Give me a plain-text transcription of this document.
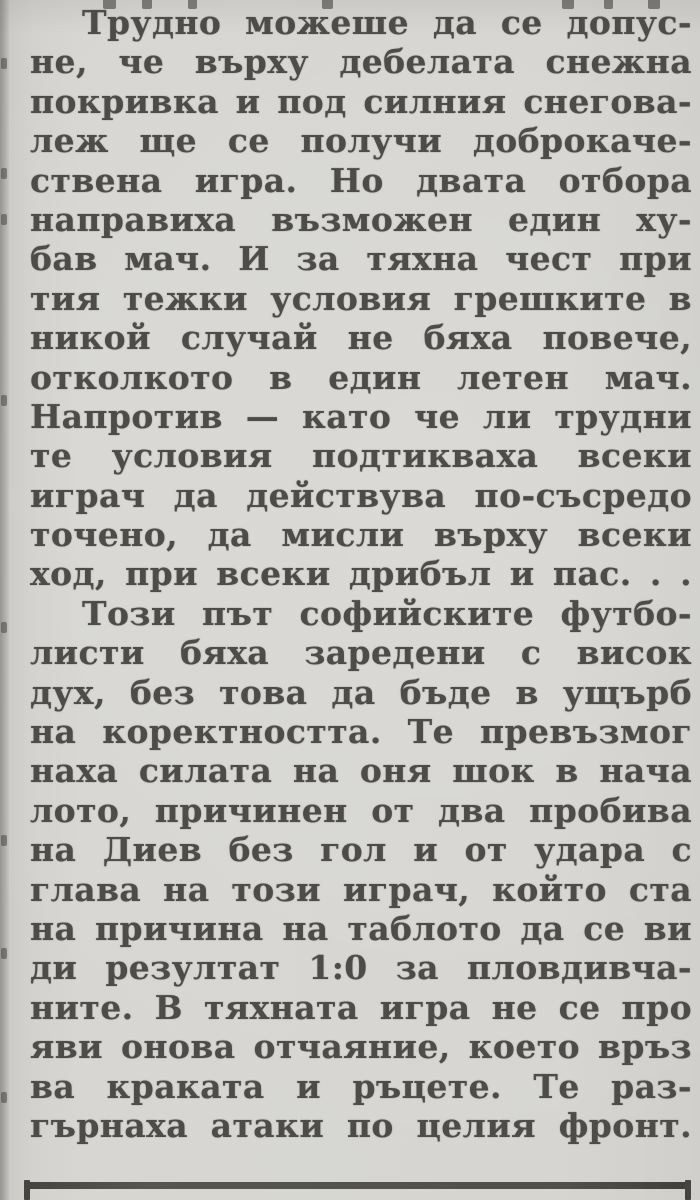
Трудно можеше да се допус-
не, че върху дебелата снежна
покривка и под силния снегова-
леж ще се получи доброкаче-
ствена игра. Но двата отбора
направиха възможен един ху-
бав мач. И за тяхна чест при
тия тежки условия грешките в
никой случай не бяха повече,
отколкото в един летен мач.
Напротив — като че ли трудни
те условия подтикваха всеки
играч да действува по-съсредо
точено, да мисли върху всеки
ход, при всеки дрибъл и пас. . .
Този път софийските футбо-
листи бяха заредени с висок
дух, без това да бъде в ущърб
на коректността. Те превъзмог
наха силата на оня шок в нача
лото, причинен от два пробива
на Диев без гол и от удара с
глава на този играч, който ста
на причина на таблото да се ви
ди резултат 1:0 за пловдивча-
ните. В тяхната игра не се про
яви онова отчаяние, което връз
ва краката и ръцете. Те раз-
гърнаха атаки по целия фронт.
